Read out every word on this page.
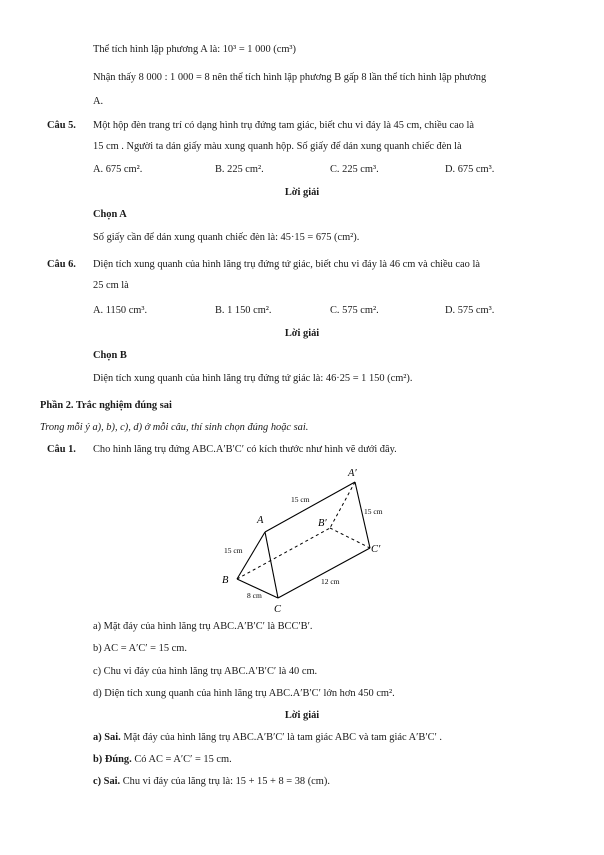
Thể tích hình lập phương A là: 10³ = 1 000 (cm³)
Nhận thấy 8 000 : 1 000 = 8 nên thể tích hình lập phương B gấp 8 lần thể tích hình lập phương
A.
Câu 5. Một hộp đèn trang trí có dạng hình trụ đứng tam giác, biết chu vi đáy là 45 cm, chiều cao là
15 cm . Người ta dán giấy màu xung quanh hộp. Số giấy để dán xung quanh chiếc đèn là
A. 675 cm².	B. 225 cm².	C. 225 cm³.	D. 675 cm³.
Lời giải
Chọn A
Số giấy cần để dán xung quanh chiếc đèn là: 45·15 = 675 (cm²).
Câu 6. Diện tích xung quanh của hình lăng trụ đứng tứ giác, biết chu vi đáy là 46 cm và chiều cao là
25 cm là
A. 1150 cm³.	B. 1 150 cm².	C. 575 cm².	D. 575 cm³.
Lời giải
Chọn B
Diện tích xung quanh của hình lăng trụ đứng tứ giác là: 46·25 = 1 150 (cm²).
Phần 2. Trắc nghiệm đúng sai
Trong mỗi ý a), b), c), d) ở mỗi câu, thí sinh chọn đúng hoặc sai.
Câu 1. Cho hình lăng trụ đứng ABC.A′B′C′ có kích thước như hình vẽ dưới đây.
A′
A	B′
B
C′
C
15 cm
15 cm
15 cm
12 cm
8 cm
a) Mặt đáy của hình lăng trụ ABC.A′B′C′ là BCC′B′.
b) AC = A′C′ = 15 cm.
c) Chu vi đáy của hình lăng trụ ABC.A′B′C′ là 40 cm.
d) Diện tích xung quanh của hình lăng trụ ABC.A′B′C′ lớn hơn 450 cm².
Lời giải
a) Sai. Mặt đáy của hình lăng trụ ABC.A′B′C′ là tam giác ABC và tam giác A′B′C′ .
b) Đúng. Có AC = A′C′ = 15 cm.
c) Sai. Chu vi đáy của lăng trụ là: 15 + 15 + 8 = 38 (cm).
